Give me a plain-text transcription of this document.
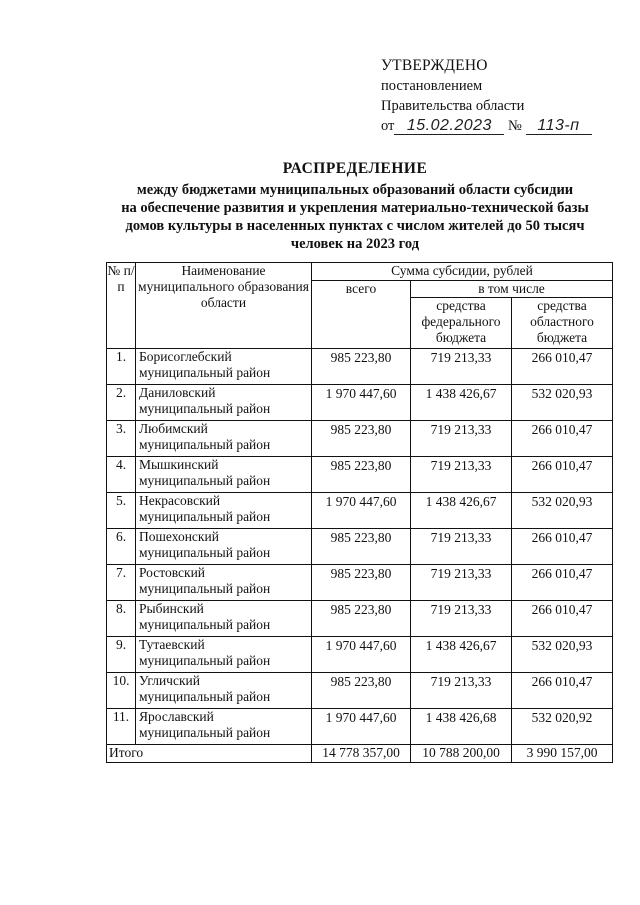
УТВЕРЖДЕНО
постановлением
Правительства области
от 15.02.2023 № 113-п
РАСПРЕДЕЛЕНИЕ
между бюджетами муниципальных образований области субсидии
на обеспечение развития и укрепления материально-технической базы
домов культуры в населенных пунктах с числом жителей до 50 тысяч
человек на 2023 год
№ п/п	Наименование муниципального образования области	Сумма субсидии, рублей		
		всего	в том числе	
			средства федерального бюджета	средства областного бюджета
1.	Борисоглебский
муниципальный район	985 223,80	719 213,33	266 010,47
2.	Даниловский
муниципальный район	1 970 447,60	1 438 426,67	532 020,93
3.	Любимский
муниципальный район	985 223,80	719 213,33	266 010,47
4.	Мышкинский
муниципальный район	985 223,80	719 213,33	266 010,47
5.	Некрасовский
муниципальный район	1 970 447,60	1 438 426,67	532 020,93
6.	Пошехонский
муниципальный район	985 223,80	719 213,33	266 010,47
7.	Ростовский
муниципальный район	985 223,80	719 213,33	266 010,47
8.	Рыбинский
муниципальный район	985 223,80	719 213,33	266 010,47
9.	Тутаевский
муниципальный район	1 970 447,60	1 438 426,67	532 020,93
10.	Угличский
муниципальный район	985 223,80	719 213,33	266 010,47
11.	Ярославский
муниципальный район	1 970 447,60	1 438 426,68	532 020,92
Итого		14 778 357,00	10 788 200,00	3 990 157,00
